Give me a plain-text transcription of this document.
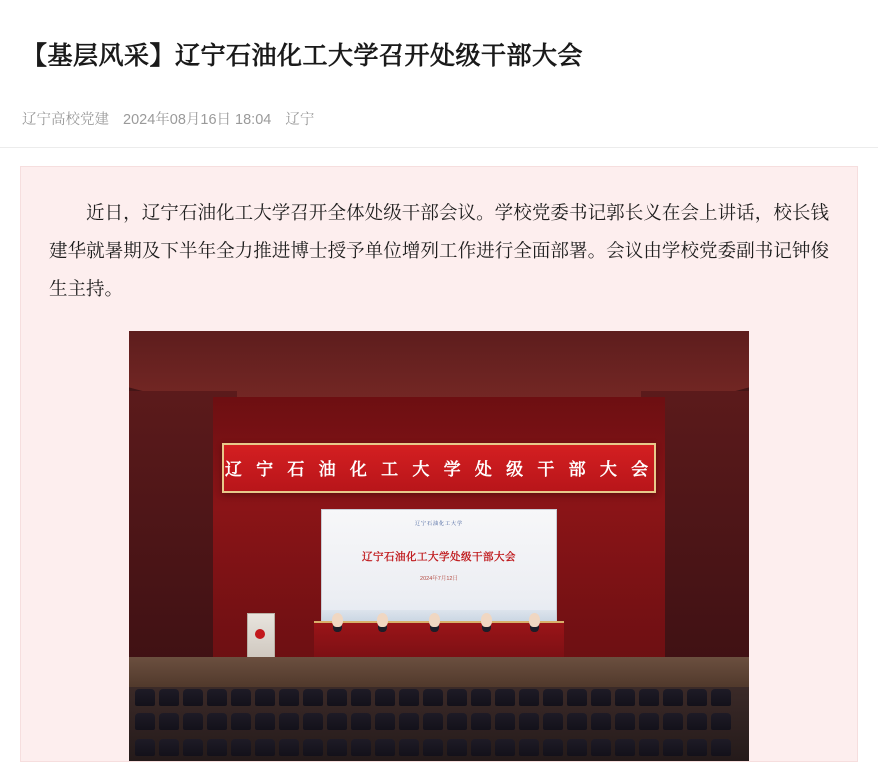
【基层风采】辽宁石油化工大学召开处级干部大会
辽宁高校党建 2024年08月16日 18:04 辽宁

近日，辽宁石油化工大学召开全体处级干部会议。学校党委书记郭长义在会上讲话，校长钱建华就暑期及下半年全力推进博士授予单位增列工作进行全面部署。会议由学校党委副书记钟俊生主持。

辽 宁 石 油 化 工 大 学 处 级 干 部 大 会
辽宁石油化工大学
辽宁石油化工大学处级干部大会
2024年7月12日
